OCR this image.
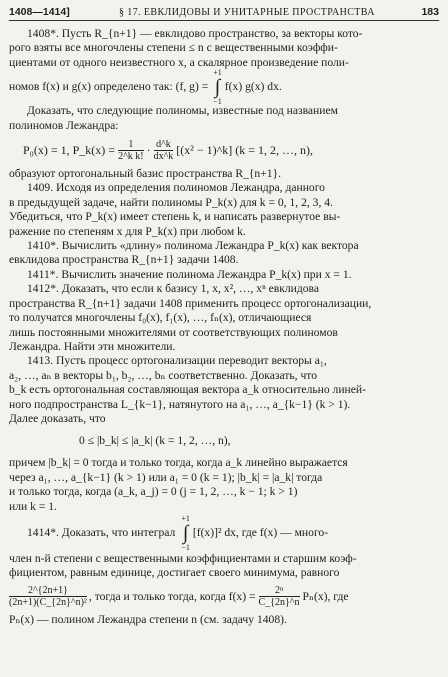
1408—1414]	§ 17. ЕВКЛИДОВЫ И УНИТАРНЫЕ ПРОСТРАНСТВА	183
1408*. Пусть R_{n+1} — евклидово пространство, за векторы кото-
рого взяты все многочлены степени ≤ n с вещественными коэффи-
циентами от одного неизвестного x, а скалярное произведение поли-
номов f(x) и g(x) определено так: (f, g) =
+1
∫
−1
f(x) g(x) dx.
Доказать, что следующие полиномы, известные под названием
полиномов Лежандра:
P₀(x) = 1, P_k(x) = $\frac{1}{\text{2\textasciicircum{}k k!}} \cdot \frac{d\^{}k}{dx\^{}k} [(x^2$ − 1)^k] (k = 1, 2, …, n),
образуют ортогональный базис пространства R_{n+1}.
1409. Исходя из определения полиномов Лежандра, данного
в предыдущей задаче, найти полиномы P_k(x) для k = 0, 1, 2, 3, 4.
Убедиться, что P_k(x) имеет степень k, и написать развернутое вы-
ражение по степеням x для P_k(x) при любом k.
1410*. Вычислить «длину» полинома Лежандра P_k(x) как вектора
евклидова пространства R_{n+1} задачи 1408.
1411*. Вычислить значение полинома Лежандра P_k(x) при x = 1.
1412*. Доказать, что если к базису 1, x, x², …, xⁿ евклидова
пространства R_{n+1} задачи 1408 применить процесс ортогонализации,
то получатся многочлены f₀(x), f₁(x), …, fₙ(x), отличающиеся
лишь постоянными множителями от соответствующих полиномов
Лежандра. Найти эти множители.
1413. Пусть процесс ортогонализации переводит векторы a₁,
a₂, …, aₙ в векторы b₁, b₂, …, bₙ соответственно. Доказать, что
b_k есть ортогональная составляющая вектора a_k относительно линей-
ного подпространства L_{k−1}, натянутого на a₁, …, a_{k−1} (k > 1).
Далее доказать, что
0 ≤ |b_k| ≤ |a_k| (k = 1, 2, …, n),
причем |b_k| = 0 тогда и только тогда, когда a_k линейно выражается
через a₁, …, a_{k−1} (k > 1) или a₁ = 0 (k = 1); |b_k| = |a_k| тогда
и только тогда, когда (a_k, a_j) = 0 (j = 1, 2, …, k − 1; k > 1)
или k = 1.
1414*. Доказать, что интеграл
+1
∫
−1
[f(x)]² dx, где f(x) — много-
член n-й степени с вещественными коэффициентами и старшим коэф-
фициентом, равным единице, достигает своего минимума, равного
$\frac{2\^{}\{2n+1\}}{\text{(2n+1)(C\_\{2n\}\textasciicircum{}n)²}}$ , тогда и только тогда, когда $f(x) = \frac{\text{2ⁿ}}{C\_\{2n\}\^{}n} P_n(x)$, где
Pₙ(x) — полином Лежандра степени n (см. задачу 1408).
